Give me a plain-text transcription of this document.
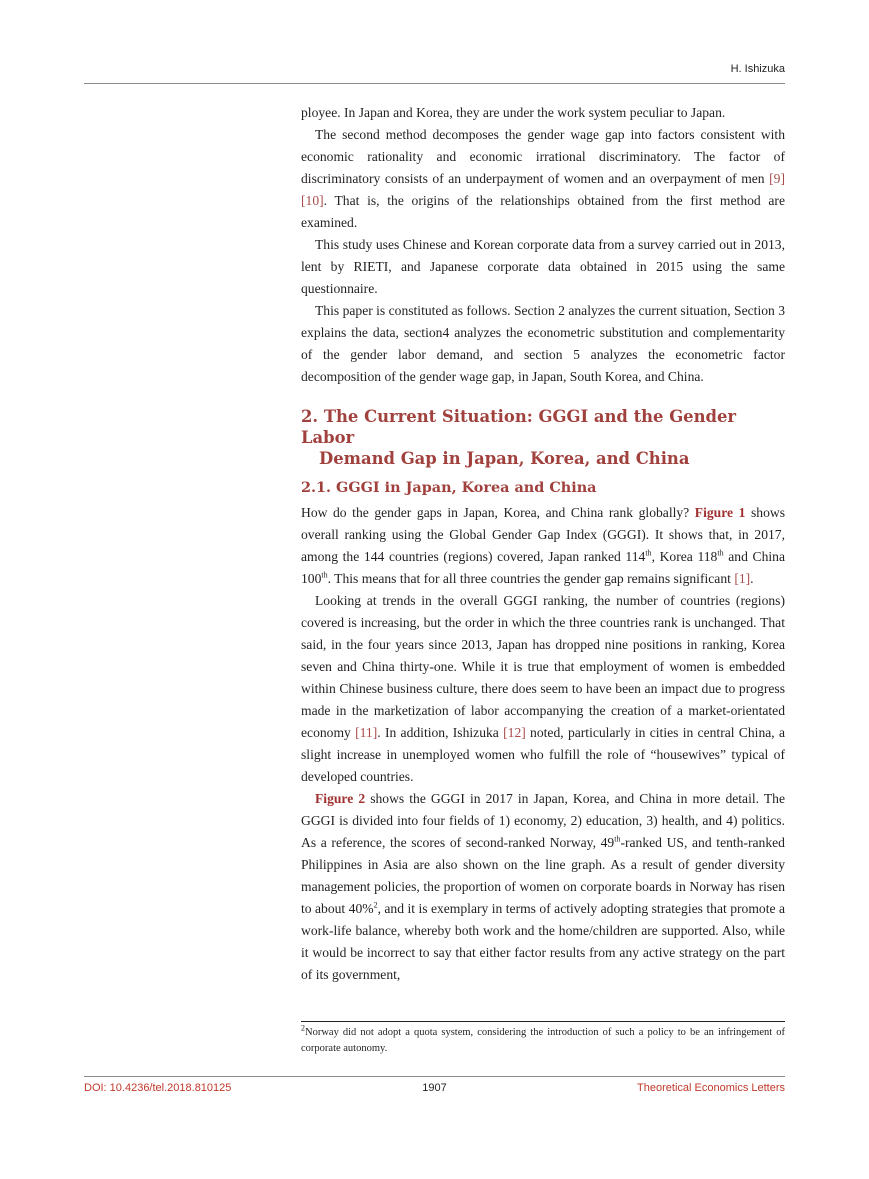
H. Ishizuka

ployee. In Japan and Korea, they are under the work system peculiar to Japan.

The second method decomposes the gender wage gap into factors consistent with economic rationality and economic irrational discriminatory. The factor of discriminatory consists of an underpayment of women and an overpayment of men [9] [10]. That is, the origins of the relationships obtained from the first method are examined.

This study uses Chinese and Korean corporate data from a survey carried out in 2013, lent by RIETI, and Japanese corporate data obtained in 2015 using the same questionnaire.

This paper is constituted as follows. Section 2 analyzes the current situation, Section 3 explains the data, section4 analyzes the econometric substitution and complementarity of the gender labor demand, and section 5 analyzes the econometric factor decomposition of the gender wage gap, in Japan, South Korea, and China.

2. The Current Situation: GGGI and the Gender Labor
Demand Gap in Japan, Korea, and China
2.1. GGGI in Japan, Korea and China

How do the gender gaps in Japan, Korea, and China rank globally? Figure 1 shows overall ranking using the Global Gender Gap Index (GGGI). It shows that, in 2017, among the 144 countries (regions) covered, Japan ranked 114th, Korea 118th and China 100th. This means that for all three countries the gender gap remains significant [1].

Looking at trends in the overall GGGI ranking, the number of countries (regions) covered is increasing, but the order in which the three countries rank is unchanged. That said, in the four years since 2013, Japan has dropped nine positions in ranking, Korea seven and China thirty-one. While it is true that employment of women is embedded within Chinese business culture, there does seem to have been an impact due to progress made in the marketization of labor accompanying the creation of a market-orientated economy [11]. In addition, Ishizuka [12] noted, particularly in cities in central China, a slight increase in unemployed women who fulfill the role of “housewives” typical of developed countries.

Figure 2 shows the GGGI in 2017 in Japan, Korea, and China in more detail. The GGGI is divided into four fields of 1) economy, 2) education, 3) health, and 4) politics. As a reference, the scores of second-ranked Norway, 49th-ranked US, and tenth-ranked Philippines in Asia are also shown on the line graph. As a result of gender diversity management policies, the proportion of women on corporate boards in Norway has risen to about 40%$^2$, and it is exemplary in terms of actively adopting strategies that promote a work-life balance, whereby both work and the home/children are supported. Also, while it would be incorrect to say that either factor results from any active strategy on the part of its government,

$^2$Norway did not adopt a quota system, considering the introduction of such a policy to be an infringement of corporate autonomy.

DOI: 10.4236/tel.2018.810125	1907	Theoretical Economics Letters
